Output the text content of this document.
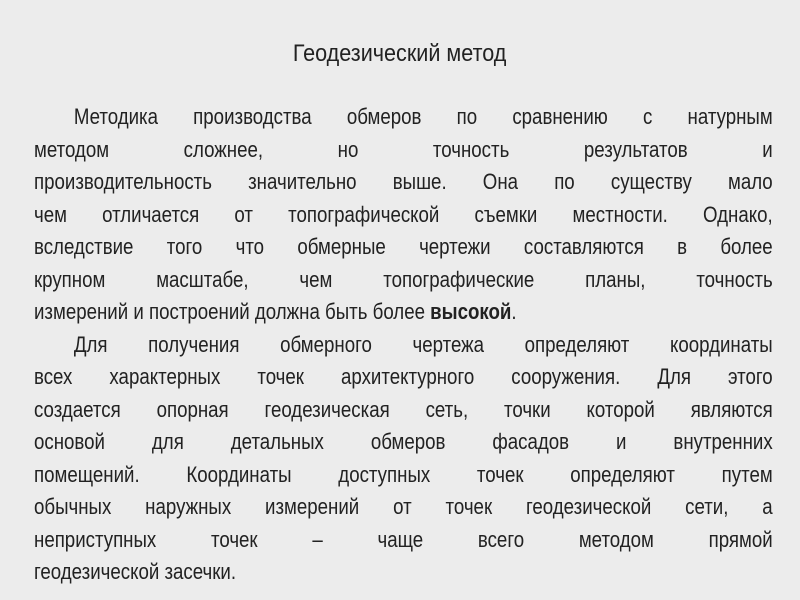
Геодезический метод
Методика производства обмеров по сравнению с натурным
методом сложнее, но точность результатов и
производительность значительно выше. Она по существу мало
чем отличается от топографической съемки местности. Однако,
вследствие того что обмерные чертежи составляются в более
крупном масштабе, чем топографические планы, точность
измерений и построений должна быть более высокой.
Для получения обмерного чертежа определяют координаты
всех характерных точек архитектурного сооружения. Для этого
создается опорная геодезическая сеть, точки которой являются
основой для детальных обмеров фасадов и внутренних
помещений. Координаты доступных точек определяют путем
обычных наружных измерений от точек геодезической сети, а
неприступных точек – чаще всего методом прямой
геодезической засечки.
